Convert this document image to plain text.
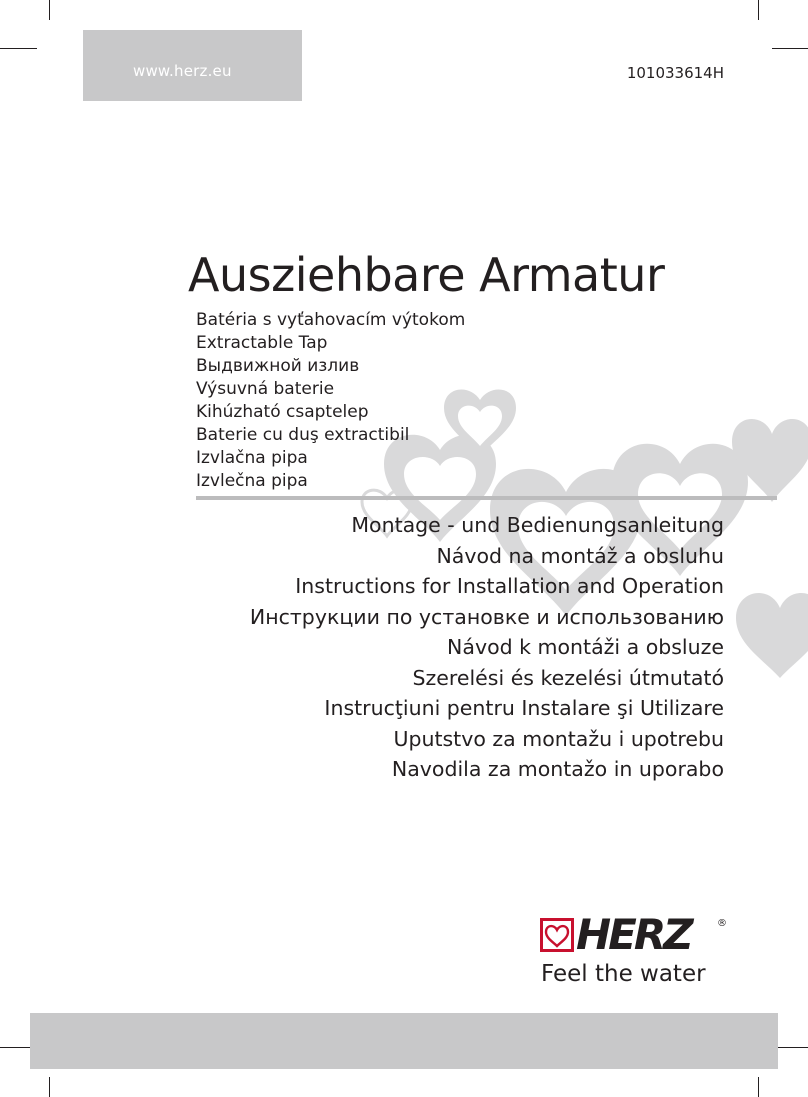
www.herz.eu	101033614H
Ausziehbare Armatur
Batéria s vyťahovacím výtokom
Extractable Tap
Выдвижной излив
Výsuvná baterie
Kihúzható csaptelep
Baterie cu duş extractibil
Izvlačna pipa
Izvlečna pipa
Montage - und Bedienungsanleitung
Návod na montáž a obsluhu
Instructions for Installation and Operation
Инструкции по установке и использованию
Návod k montáži a obsluze
Szerelési és kezelési útmutató
Instrucţiuni pentru Instalare şi Utilizare
Uputstvo za montažu i upotrebu
Navodila za montažo in uporabo
HERZ	®
Feel the water
